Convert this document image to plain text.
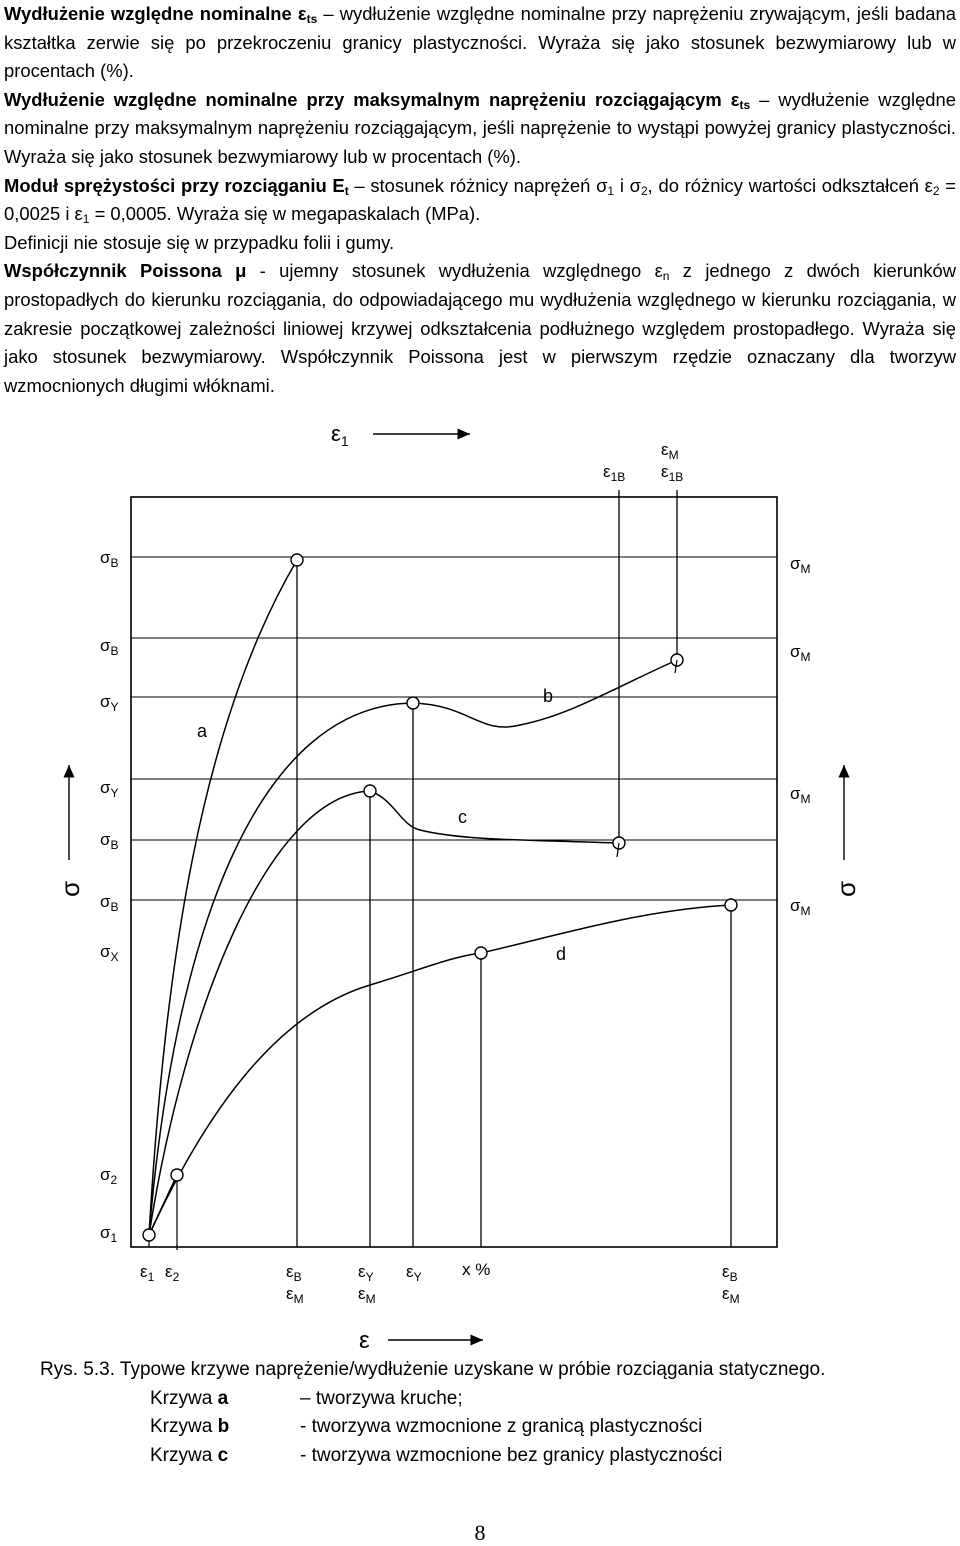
Wydłużenie względne nominalne $\varepsilon_{ts}$ – wydłużenie względne nominalne przy naprężeniu zrywającym, jeśli badana kształtka zerwie się po przekroczeniu granicy plastyczności. Wyraża się jako stosunek bezwymiarowy lub w procentach (%).

Wydłużenie względne nominalne przy maksymalnym naprężeniu rozciągającym $\varepsilon_{ts}$ – wydłużenie względne nominalne przy maksymalnym naprężeniu rozciągającym, jeśli naprężenie to wystąpi powyżej granicy plastyczności. Wyraża się jako stosunek bezwymiarowy lub w procentach (%).

Moduł sprężystości przy rozciąganiu $E_t$ – stosunek różnicy naprężeń $\sigma_1$ i $\sigma_2$, do różnicy wartości odkształceń $\varepsilon_2 = 0,0025$ i $\varepsilon_1 = 0,0005$. Wyraża się w megapaskalach (MPa).

Definicji nie stosuje się w przypadku folii i gumy.

Współczynnik Poissona μ - ujemny stosunek wydłużenia względnego $\varepsilon_n$ z jednego z dwóch kierunków prostopadłych do kierunku rozciągania, do odpowiadającego mu wydłużenia względnego w kierunku rozciągania, w zakresie początkowej zależności liniowej krzywej odkształcenia podłużnego względem prostopadłego. Wyraża się jako stosunek bezwymiarowy. Współczynnik Poissona jest w pierwszym rzędzie oznaczany dla tworzyw wzmocnionych długimi włóknami.

$\varepsilon_1$
σ	σ
ε
$\varepsilon_{1B}$
$\varepsilon_M$
$\varepsilon_{1B}$
$\sigma_B$
$\sigma_B$
$\sigma_Y$
$\sigma_Y$
$\sigma_B$
$\sigma_B$
$\sigma_X$
$\sigma_2$
$\sigma_1$
$\sigma_M$
$\sigma_M$
$\sigma_M$
$\sigma_M$
$\varepsilon_1$ $\varepsilon_2$	$\varepsilon_B$
$\varepsilon_M$
$\varepsilon_Y$
$\varepsilon_M$
$\varepsilon_Y$ x %	$\varepsilon_B$
$\varepsilon_M$
a
b
c
d
Rys. 5.3. Typowe krzywe naprężenie/wydłużenie uzyskane w próbie rozciągania statycznego.
Krzywa a	– tworzywa kruche;
Krzywa b	- tworzywa wzmocnione z granicą plastyczności
Krzywa c	- tworzywa wzmocnione bez granicy plastyczności
8
